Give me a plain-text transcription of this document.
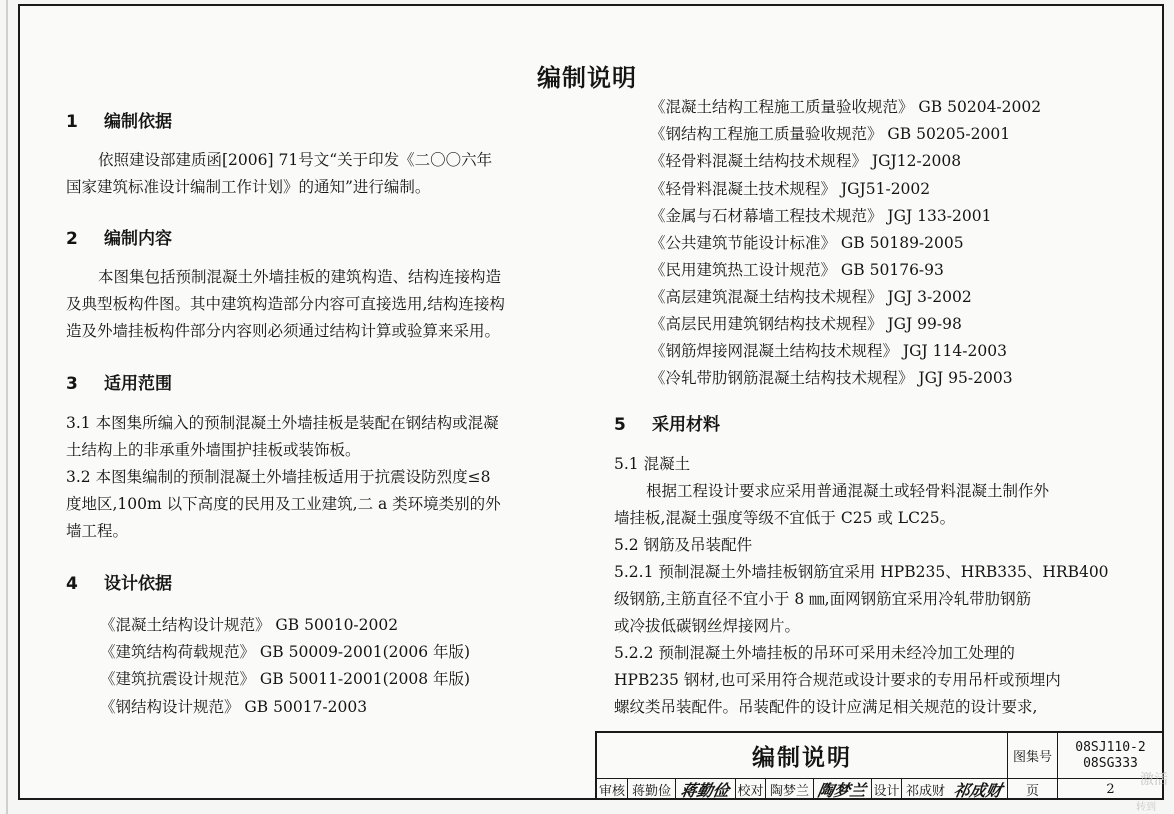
编制说明
1 编制依据
依照建设部建质函[2006] 71号文“关于印发《二〇〇六年
国家建筑标准设计编制工作计划》的通知”进行编制。
2 编制内容
本图集包括预制混凝土外墙挂板的建筑构造、结构连接构造
及典型板构件图。其中建筑构造部分内容可直接选用,结构连接构
造及外墙挂板构件部分内容则必须通过结构计算或验算来采用。
3 适用范围
3.1 本图集所编入的预制混凝土外墙挂板是装配在钢结构或混凝
土结构上的非承重外墙围护挂板或装饰板。
3.2 本图集编制的预制混凝土外墙挂板适用于抗震设防烈度≤8
度地区,100m 以下高度的民用及工业建筑,二 a 类环境类别的外
墙工程。
4 设计依据
《混凝土结构设计规范》 GB 50010-2002
《建筑结构荷载规范》 GB 50009-2001(2006 年版)
《建筑抗震设计规范》 GB 50011-2001(2008 年版)
《钢结构设计规范》 GB 50017-2003
《混凝土结构工程施工质量验收规范》 GB 50204-2002
《钢结构工程施工质量验收规范》 GB 50205-2001
《轻骨料混凝土结构技术规程》 JGJ12-2008
《轻骨料混凝土技术规程》 JGJ51-2002
《金属与石材幕墙工程技术规范》 JGJ 133-2001
《公共建筑节能设计标准》 GB 50189-2005
《民用建筑热工设计规范》 GB 50176-93
《高层建筑混凝土结构技术规程》 JGJ 3-2002
《高层民用建筑钢结构技术规程》 JGJ 99-98
《钢筋焊接网混凝土结构技术规程》 JGJ 114-2003
《冷轧带肋钢筋混凝土结构技术规程》 JGJ 95-2003
5 采用材料
5.1 混凝土
根据工程设计要求应采用普通混凝土或轻骨料混凝土制作外
墙挂板,混凝土强度等级不宜低于 C25 或 LC25。
5.2 钢筋及吊装配件
5.2.1 预制混凝土外墙挂板钢筋宜采用 HPB235、HRB335、HRB400
级钢筋,主筋直径不宜小于 8 ㎜,面网钢筋宜采用冷轧带肋钢筋
或冷拔低碳钢丝焊接网片。
5.2.2 预制混凝土外墙挂板的吊环可采用未经冷加工处理的
HPB235 钢材,也可采用符合规范或设计要求的专用吊杆或预埋内
螺纹类吊装配件。吊装配件的设计应满足相关规范的设计要求,
编制说明	图集号
08SJ110-2
08SG333
审核 蒋勤俭 蒋勤俭 校对 陶梦兰 陶梦兰 设计 祁成财 祁成财	页	2
激活
转到
